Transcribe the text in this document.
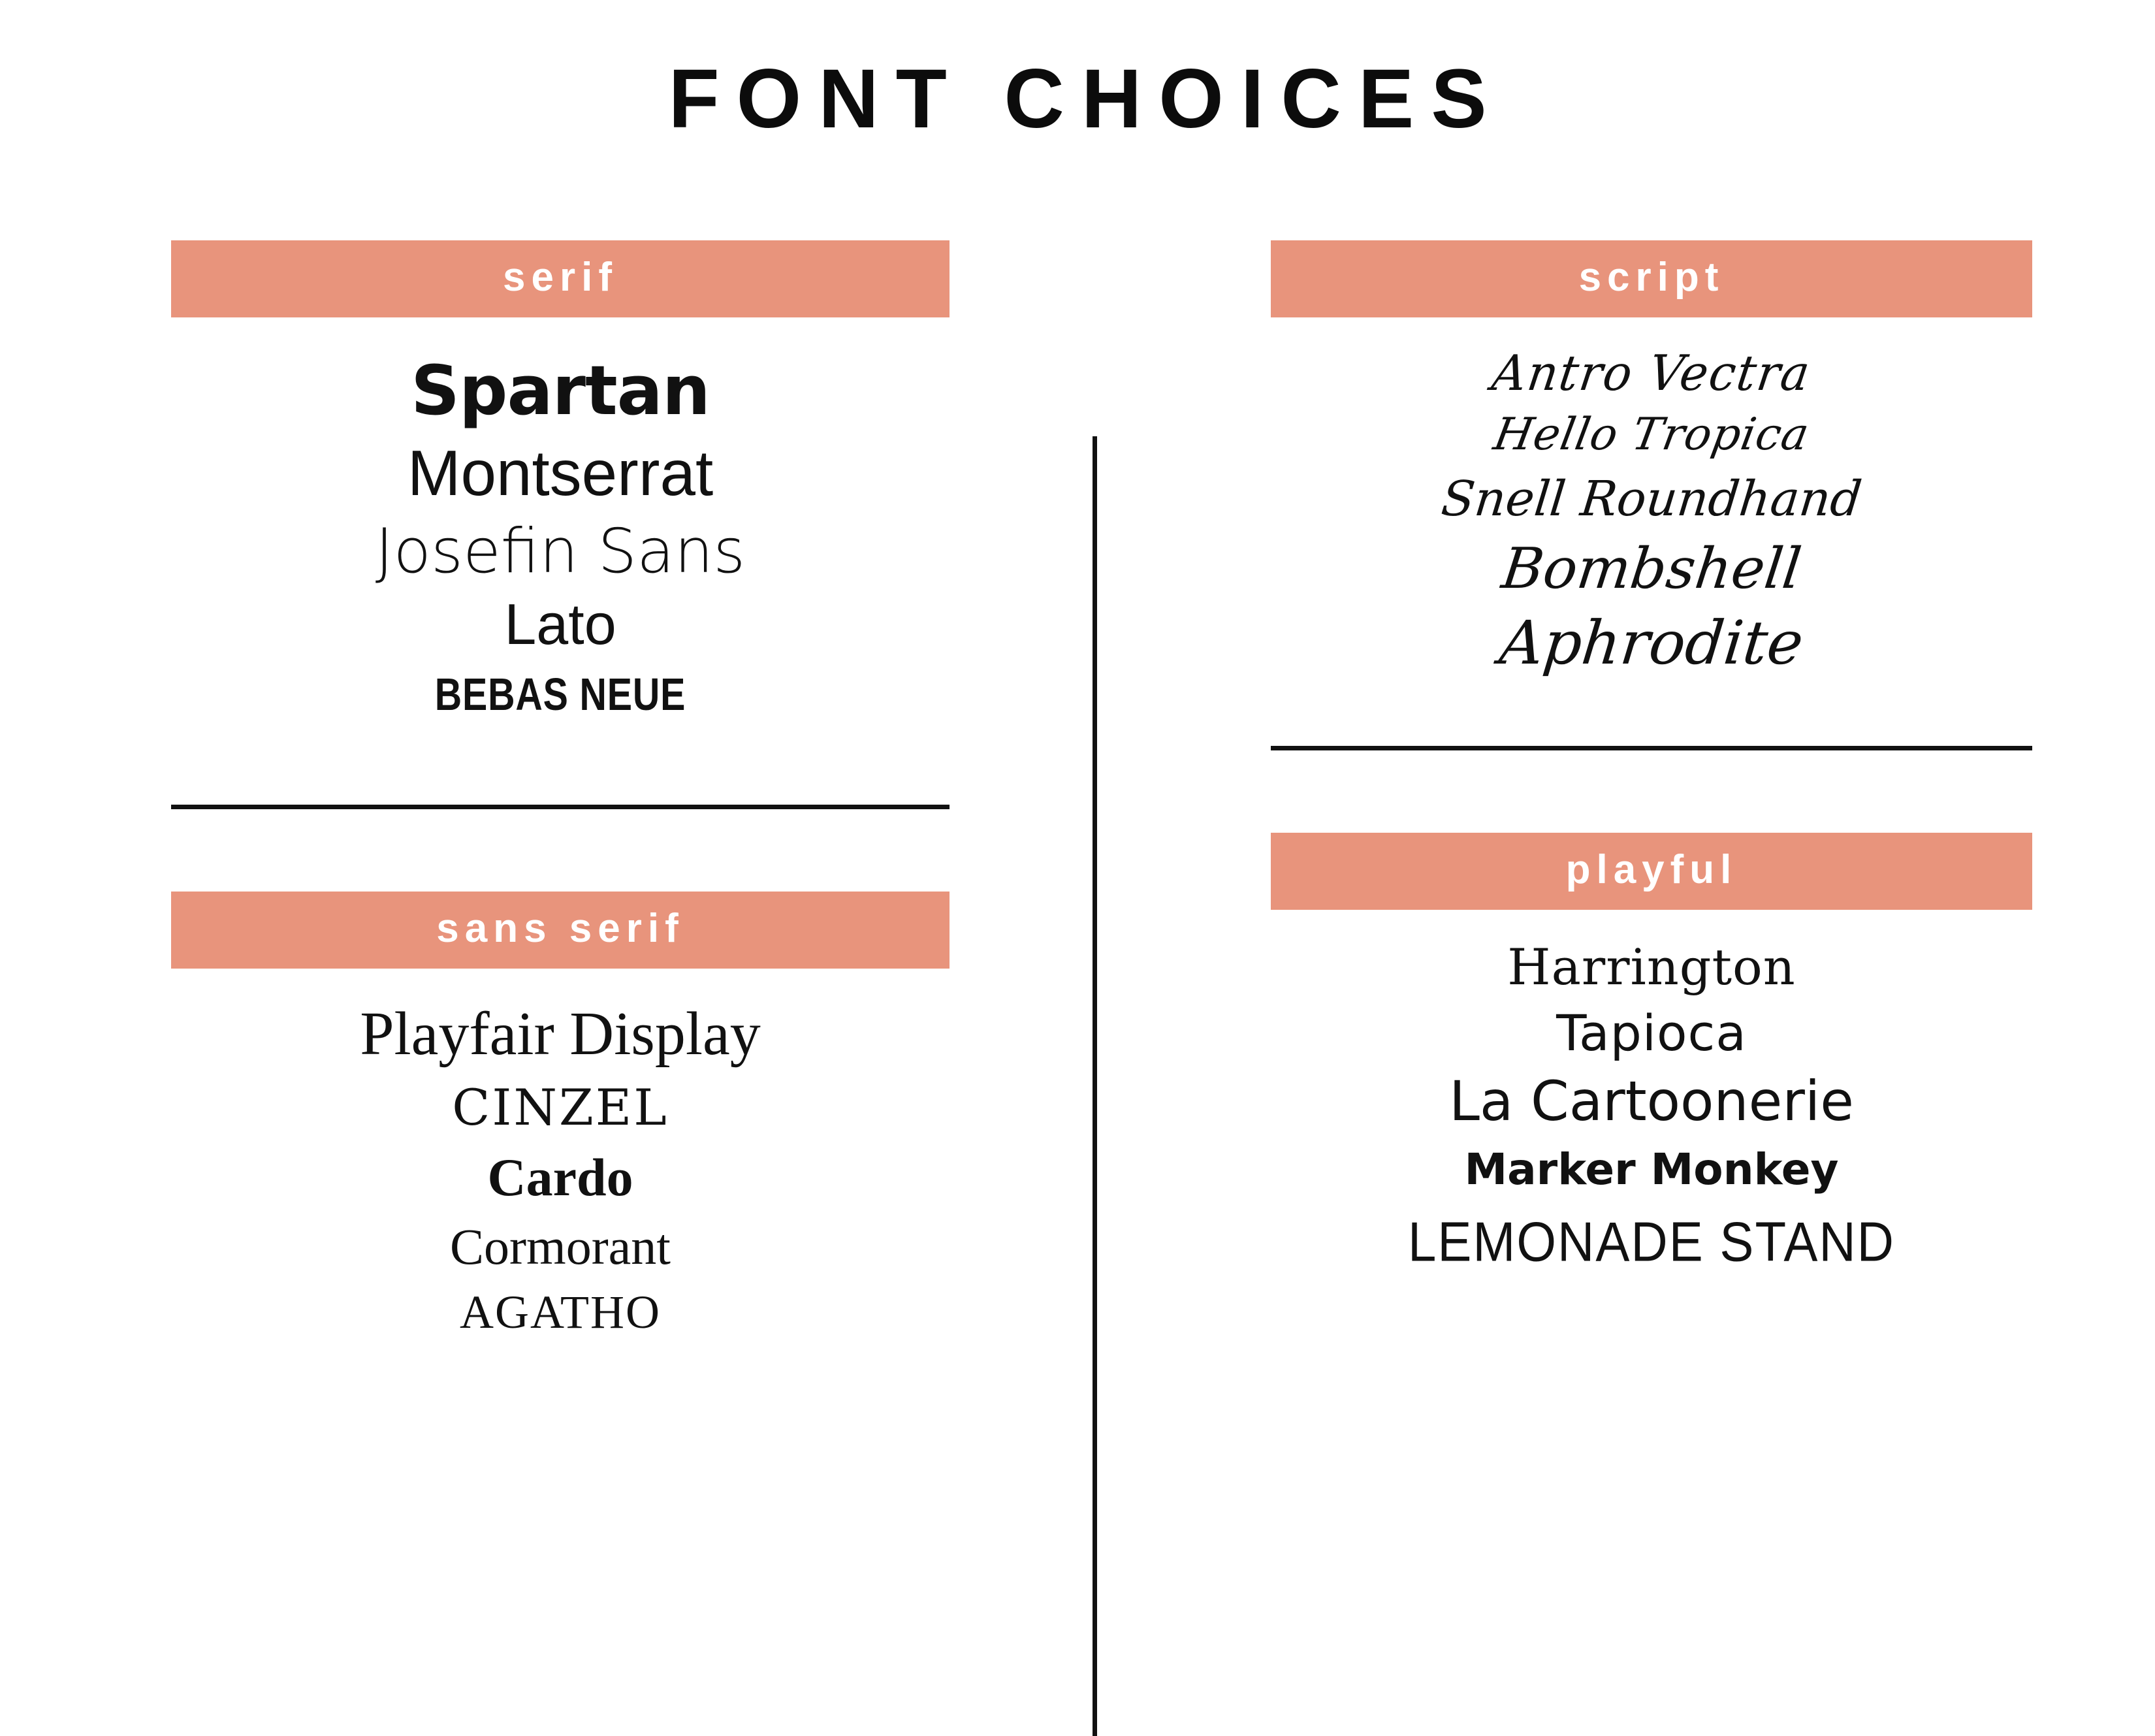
FONT CHOICES
serif
Spartan
Montserrat
Josefin Sans
Lato
BEBAS NEUE
sans serif
Playfair Display
CINZEL
Cardo
Cormorant
AGATHO
script
Antro Vectra
Hello Tropica
Snell Roundhand
Bombshell
Aphrodite
playful
Harrington
Tapioca
La Cartoonerie
Marker Monkey
LEMONADE STAND
